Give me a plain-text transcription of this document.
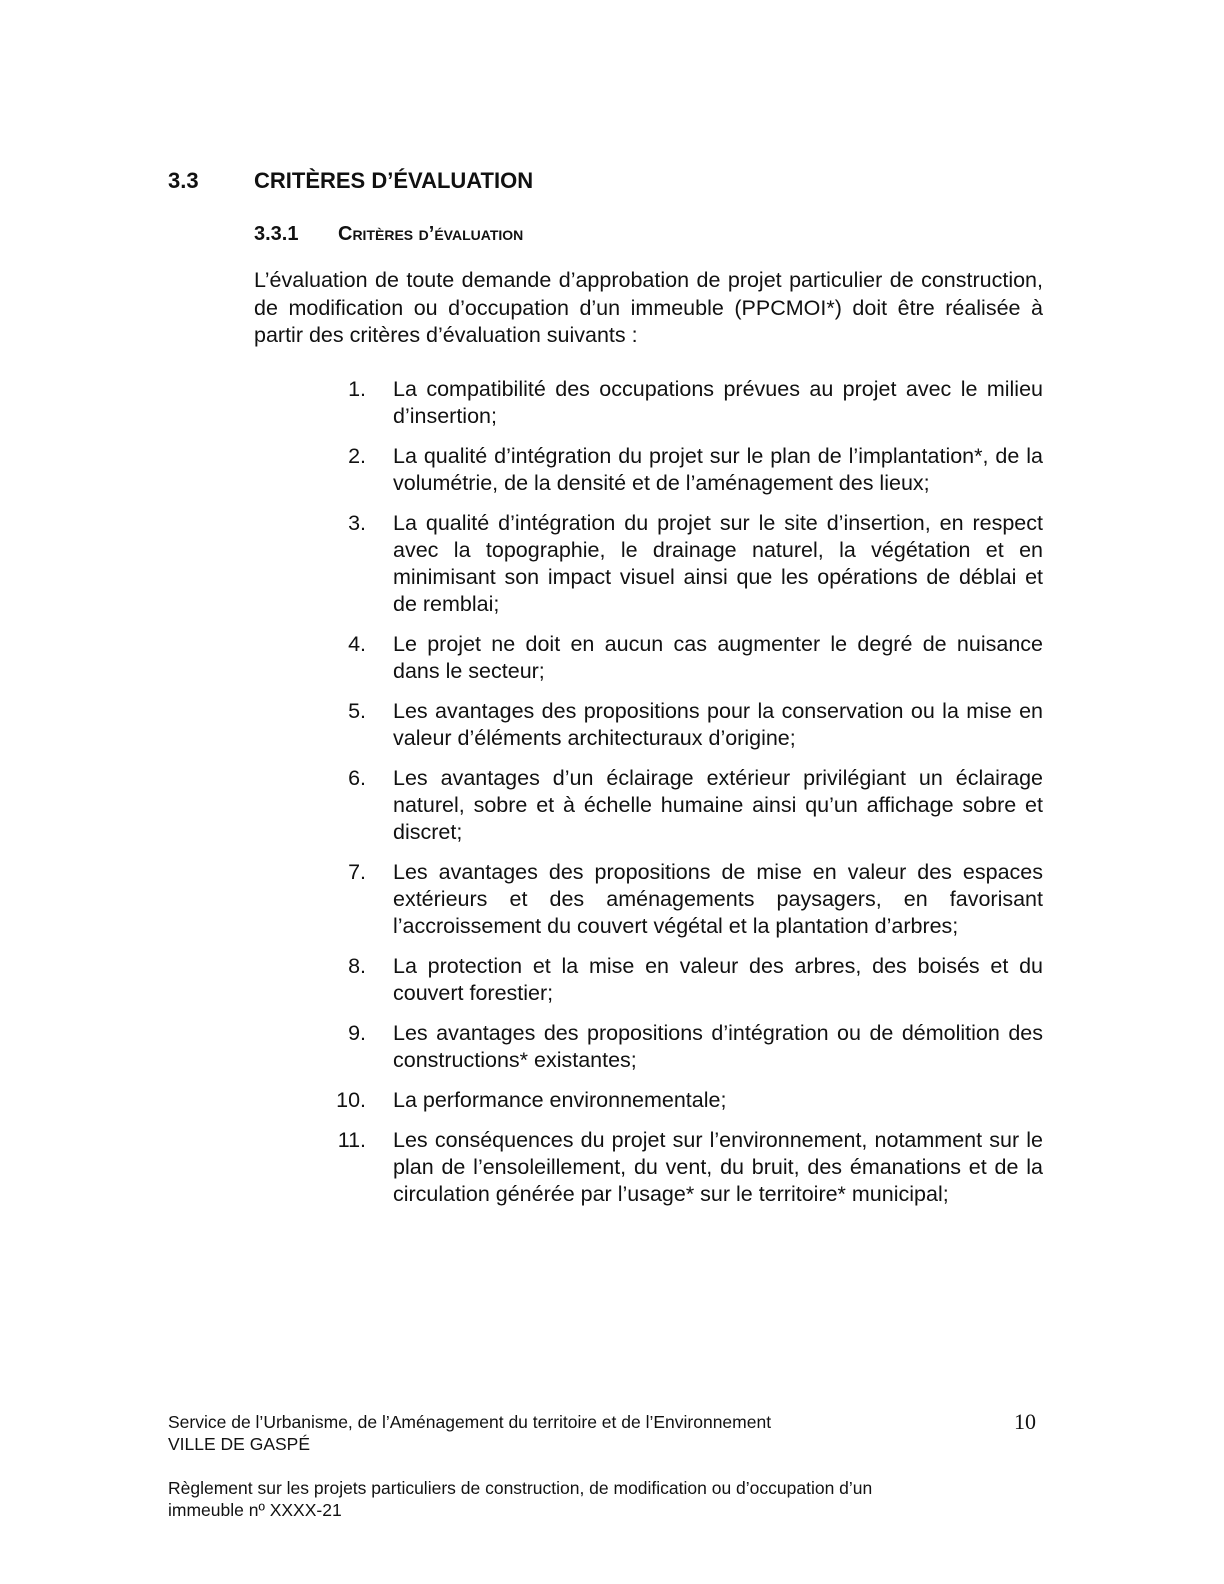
3.3	CRITÈRES D’ÉVALUATION
3.3.1 Critères d’évaluation

L’évaluation de toute demande d’approbation de projet particulier de construction, de modification ou d’occupation d’un immeuble (PPCMOI*) doit être réalisée à partir des critères d’évaluation suivants :

1. La compatibilité des occupations prévues au projet avec le milieu d’insertion;
2. La qualité d’intégration du projet sur le plan de l’implantation*, de la volumétrie, de la densité et de l’aménagement des lieux;
3. La qualité d’intégration du projet sur le site d’insertion, en respect avec la topographie, le drainage naturel, la végétation et en minimisant son impact visuel ainsi que les opérations de déblai et de remblai;
4. Le projet ne doit en aucun cas augmenter le degré de nuisance dans le secteur;
5. Les avantages des propositions pour la conservation ou la mise en valeur d’éléments architecturaux d’origine;
6. Les avantages d’un éclairage extérieur privilégiant un éclairage naturel, sobre et à échelle humaine ainsi qu’un affichage sobre et discret;
7. Les avantages des propositions de mise en valeur des espaces extérieurs et des aménagements paysagers, en favorisant l’accroissement du couvert végétal et la plantation d’arbres;
8. La protection et la mise en valeur des arbres, des boisés et du couvert forestier;
9. Les avantages des propositions d’intégration ou de démolition des constructions* existantes;
10. La performance environnementale;
11. Les conséquences du projet sur l’environnement, notamment sur le plan de l’ensoleillement, du vent, du bruit, des émanations et de la circulation générée par l’usage* sur le territoire* municipal;
Service de l’Urbanisme, de l’Aménagement du territoire et de l’Environnement
VILLE DE GASPÉ
Règlement sur les projets particuliers de construction, de modification ou d’occupation d’un
immeuble nº XXXX-21
10
